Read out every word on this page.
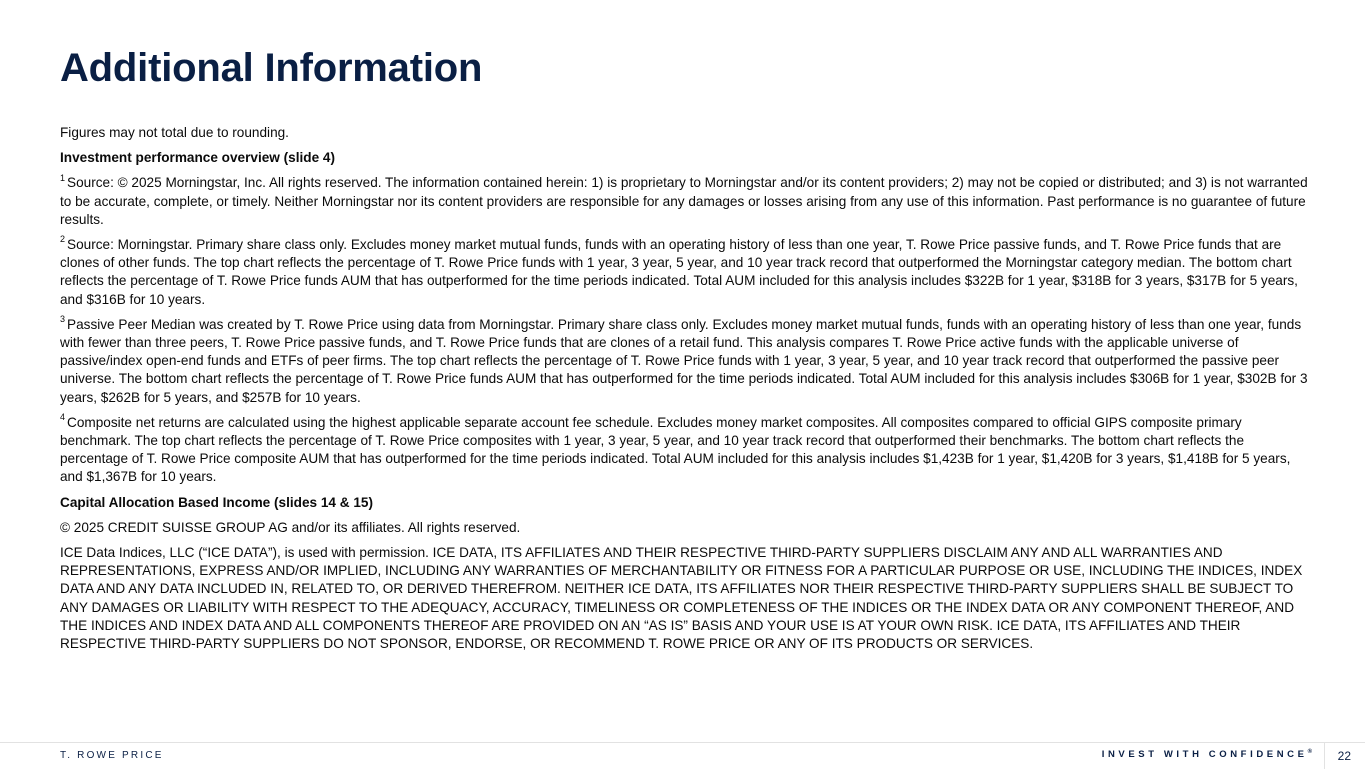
Additional Information

Figures may not total due to rounding.

Investment performance overview (slide 4)

$^1$ Source: © 2025 Morningstar, Inc. All rights reserved. The information contained herein: 1) is proprietary to Morningstar and/or its content providers; 2) may not be copied or distributed; and 3) is not warranted to be accurate, complete, or timely. Neither Morningstar nor its content providers are responsible for any damages or losses arising from any use of this information. Past performance is no guarantee of future results.

$^2$ Source: Morningstar. Primary share class only. Excludes money market mutual funds, funds with an operating history of less than one year, T. Rowe Price passive funds, and T. Rowe Price funds that are clones of other funds. The top chart reflects the percentage of T. Rowe Price funds with 1 year, 3 year, 5 year, and 10 year track record that outperformed the Morningstar category median. The bottom chart reflects the percentage of T. Rowe Price funds AUM that has outperformed for the time periods indicated. Total AUM included for this analysis includes $322B for 1 year, $318B for 3 years, $317B for 5 years, and $316B for 10 years.

$^3$ Passive Peer Median was created by T. Rowe Price using data from Morningstar. Primary share class only. Excludes money market mutual funds, funds with an operating history of less than one year, funds with fewer than three peers, T. Rowe Price passive funds, and T. Rowe Price funds that are clones of a retail fund. This analysis compares T. Rowe Price active funds with the applicable universe of passive/index open-end funds and ETFs of peer firms. The top chart reflects the percentage of T. Rowe Price funds with 1 year, 3 year, 5 year, and 10 year track record that outperformed the passive peer universe. The bottom chart reflects the percentage of T. Rowe Price funds AUM that has outperformed for the time periods indicated. Total AUM included for this analysis includes $306B for 1 year, $302B for 3 years, $262B for 5 years, and $257B for 10 years.

$^4$ Composite net returns are calculated using the highest applicable separate account fee schedule. Excludes money market composites. All composites compared to official GIPS composite primary benchmark. The top chart reflects the percentage of T. Rowe Price composites with 1 year, 3 year, 5 year, and 10 year track record that outperformed their benchmarks. The bottom chart reflects the percentage of T. Rowe Price composite AUM that has outperformed for the time periods indicated. Total AUM included for this analysis includes $1,423B for 1 year, $1,420B for 3 years, $1,418B for 5 years, and $1,367B for 10 years.

Capital Allocation Based Income (slides 14 & 15)

© 2025 CREDIT SUISSE GROUP AG and/or its affiliates. All rights reserved.

ICE Data Indices, LLC (“ICE DATA”), is used with permission. ICE DATA, ITS AFFILIATES AND THEIR RESPECTIVE THIRD-PARTY SUPPLIERS DISCLAIM ANY AND ALL WARRANTIES AND REPRESENTATIONS, EXPRESS AND/OR IMPLIED, INCLUDING ANY WARRANTIES OF MERCHANTABILITY OR FITNESS FOR A PARTICULAR PURPOSE OR USE, INCLUDING THE INDICES, INDEX DATA AND ANY DATA INCLUDED IN, RELATED TO, OR DERIVED THEREFROM. NEITHER ICE DATA, ITS AFFILIATES NOR THEIR RESPECTIVE THIRD-PARTY SUPPLIERS SHALL BE SUBJECT TO ANY DAMAGES OR LIABILITY WITH RESPECT TO THE ADEQUACY, ACCURACY, TIMELINESS OR COMPLETENESS OF THE INDICES OR THE INDEX DATA OR ANY COMPONENT THEREOF, AND THE INDICES AND INDEX DATA AND ALL COMPONENTS THEREOF ARE PROVIDED ON AN “AS IS” BASIS AND YOUR USE IS AT YOUR OWN RISK. ICE DATA, ITS AFFILIATES AND THEIR RESPECTIVE THIRD-PARTY SUPPLIERS DO NOT SPONSOR, ENDORSE, OR RECOMMEND T. ROWE PRICE OR ANY OF ITS PRODUCTS OR SERVICES.

T. ROWE PRICE	INVEST WITH CONFIDENCE® 22
